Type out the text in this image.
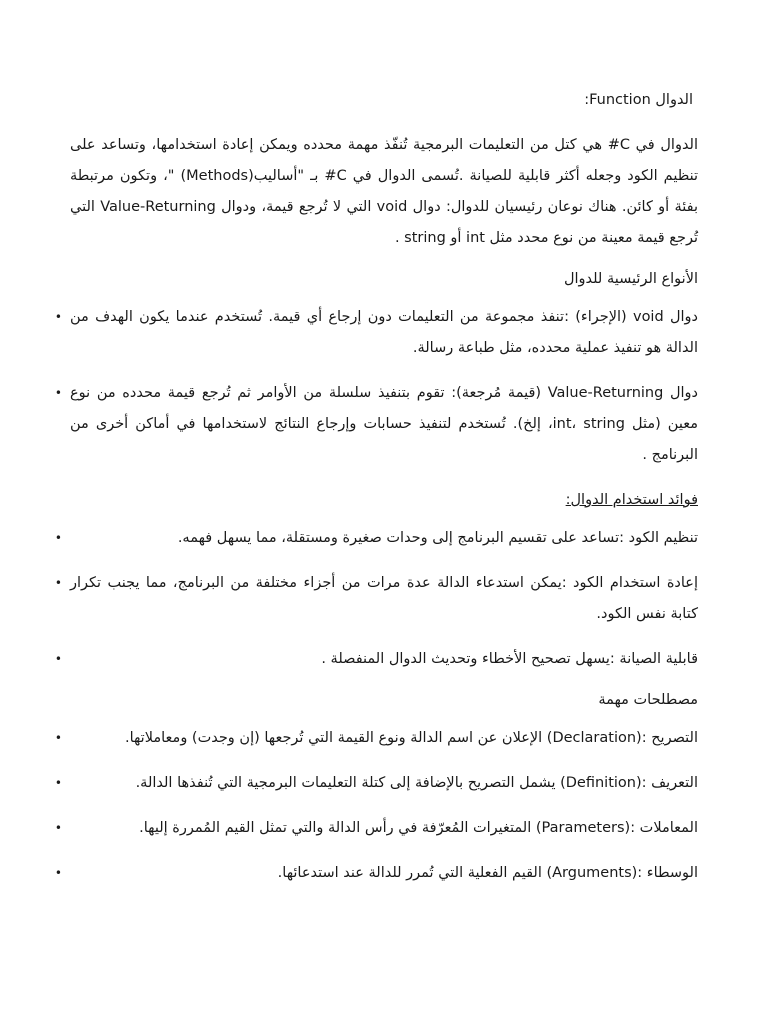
الدوال Function:

الدوال في C# هي كتل من التعليمات البرمجية تُنفّذ مهمة محدده ويمكن إعادة استخدامها، وتساعد على تنظيم الكود وجعله أكثر قابلية للصيانة .تُسمى الدوال في C# بـ "أساليب(Methods) "، وتكون مرتبطة بفئة أو كائن. هناك نوعان رئيسيان للدوال: دوال void التي لا تُرجع قيمة، ودوال Value-Returning التي تُرجع قيمة معينة من نوع محدد مثل int أو string .

الأنواع الرئيسية للدوال
• دوال void (الإجراء) :تنفذ مجموعة من التعليمات دون إرجاع أي قيمة. تُستخدم عندما يكون الهدف من الدالة هو تنفيذ عملية محدده، مثل طباعة رسالة.
• دوال Value-Returning (قيمة مُرجعة): تقوم بتنفيذ سلسلة من الأوامر ثم تُرجع قيمة محدده من نوع معين (مثل int، string، إلخ). تُستخدم لتنفيذ حسابات وإرجاع النتائج لاستخدامها في أماكن أخرى من البرنامج .
فوائد استخدام الدوال:
•	تنظيم الكود :تساعد على تقسيم البرنامج إلى وحدات صغيرة ومستقلة، مما يسهل فهمه.
• إعادة استخدام الكود :يمكن استدعاء الدالة عدة مرات من أجزاء مختلفة من البرنامج، مما يجنب تكرار كتابة نفس الكود.
•	قابلية الصيانة :يسهل تصحيح الأخطاء وتحديث الدوال المنفصلة .
مصطلحات مهمة
•	التصريح :(Declaration) الإعلان عن اسم الدالة ونوع القيمة التي تُرجعها (إن وجدت) ومعاملاتها.
•	التعريف :(Definition) يشمل التصريح بالإضافة إلى كتلة التعليمات البرمجية التي تُنفذها الدالة.
•	المعاملات :(Parameters) المتغيرات المُعرّفة في رأس الدالة والتي تمثل القيم المُمررة إليها.
•	الوسطاء :(Arguments) القيم الفعلية التي تُمرر للدالة عند استدعائها.
